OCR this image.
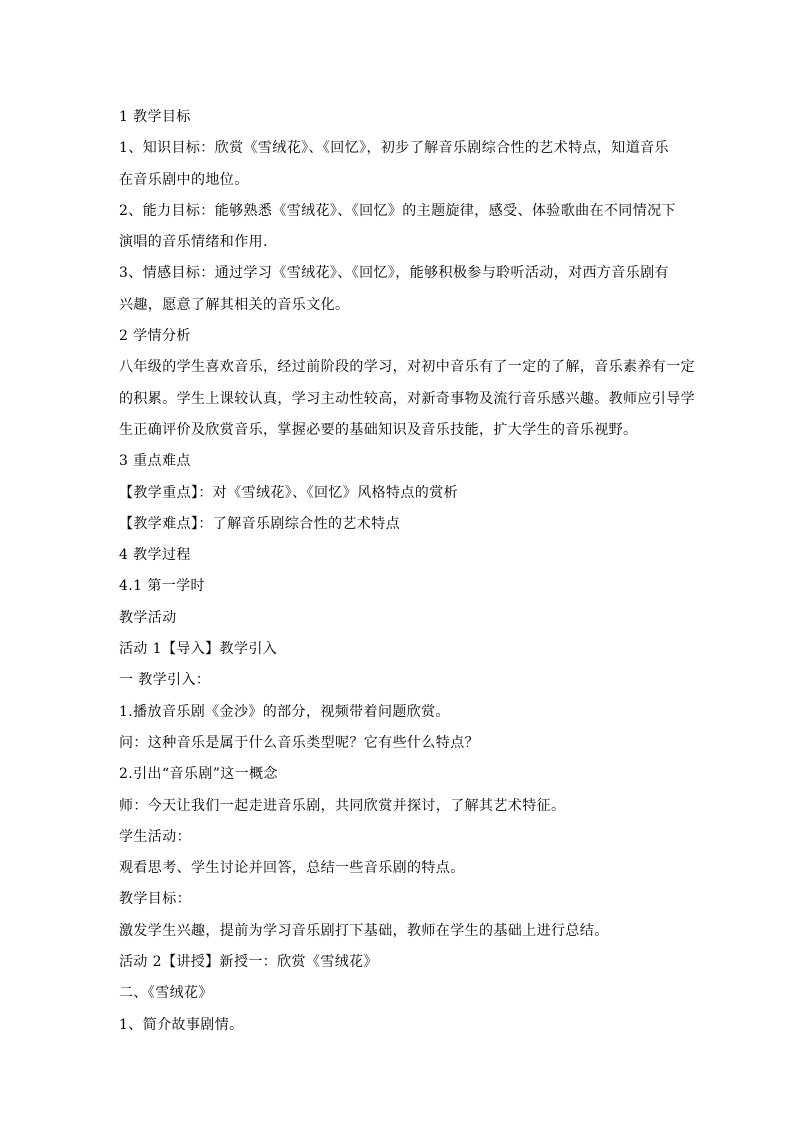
1 教学目标
1、知识目标：欣赏《雪绒花》、《回忆》，初步了解音乐剧综合性的艺术特点，知道音乐
在音乐剧中的地位。
2、能力目标：能够熟悉《雪绒花》、《回忆》的主题旋律，感受、体验歌曲在不同情况下
演唱的音乐情绪和作用.
3、情感目标：通过学习《雪绒花》、《回忆》，能够积极参与聆听活动，对西方音乐剧有
兴趣，愿意了解其相关的音乐文化。
2 学情分析
八年级的学生喜欢音乐，经过前阶段的学习，对初中音乐有了一定的了解，音乐素养有一定
的积累。学生上课较认真，学习主动性较高，对新奇事物及流行音乐感兴趣。教师应引导学
生正确评价及欣赏音乐，掌握必要的基础知识及音乐技能，扩大学生的音乐视野。
3 重点难点
【教学重点】：对《雪绒花》、《回忆》风格特点的赏析
【教学难点】：了解音乐剧综合性的艺术特点
4 教学过程
4.1 第一学时
教学活动
活动 1【导入】教学引入
一 教学引入：
1.播放音乐剧《金沙》的部分，视频带着问题欣赏。
问：这种音乐是属于什么音乐类型呢？它有些什么特点？
2.引出“音乐剧”这一概念
师：今天让我们一起走进音乐剧，共同欣赏并探讨，了解其艺术特征。
学生活动：
观看思考、学生讨论并回答，总结一些音乐剧的特点。
教学目标：
激发学生兴趣，提前为学习音乐剧打下基础，教师在学生的基础上进行总结。
活动 2【讲授】新授一：欣赏《雪绒花》
二、《雪绒花》
1、简介故事剧情。
